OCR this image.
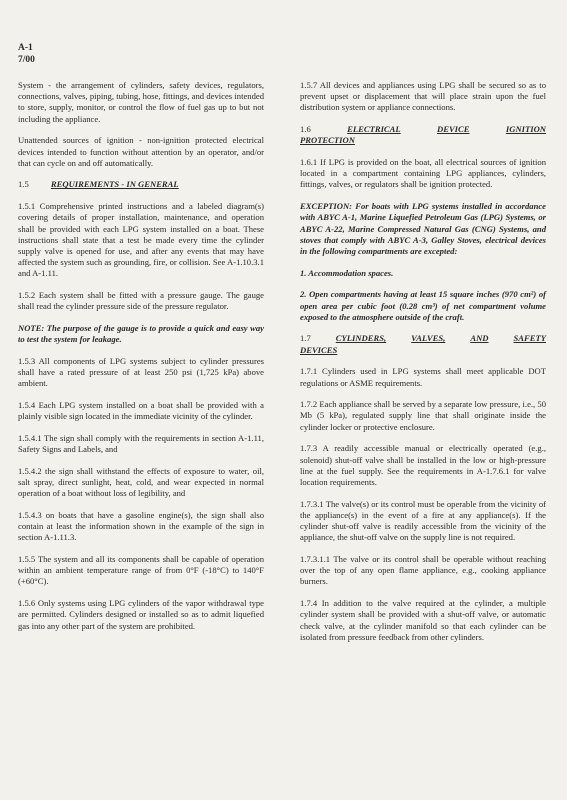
A-1
7/00

System - the arrangement of cylinders, safety devices, regulators, connections, valves, piping, tubing, hose, fittings, and devices intended to store, supply, monitor, or control the flow of fuel gas up to but not including the appliance.

Unattended sources of ignition - non-ignition protected electrical devices intended to function without attention by an operator, and/or that can cycle on and off automatically.

1.5	REQUIREMENTS - IN GENERAL

1.5.1 Comprehensive printed instructions and a labeled diagram(s) covering details of proper installation, maintenance, and operation shall be provided with each LPG system installed on a boat. These instructions shall state that a test be made every time the cylinder supply valve is opened for use, and after any events that may have affected the system such as grounding, fire, or collision. See A-1.10.3.1 and A-1.11.

1.5.2 Each system shall be fitted with a pressure gauge. The gauge shall read the cylinder pressure side of the pressure regulator.

NOTE: The purpose of the gauge is to provide a quick and easy way to test the system for leakage.

1.5.3 All components of LPG systems subject to cylinder pressures shall have a rated pressure of at least 250 psi (1,725 kPa) above ambient.

1.5.4 Each LPG system installed on a boat shall be provided with a plainly visible sign located in the immediate vicinity of the cylinder.

1.5.4.1 The sign shall comply with the requirements in section A-1.11, Safety Signs and Labels, and

1.5.4.2 the sign shall withstand the effects of exposure to water, oil, salt spray, direct sunlight, heat, cold, and wear expected in normal operation of a boat without loss of legibility, and

1.5.4.3 on boats that have a gasoline engine(s), the sign shall also contain at least the information shown in the example of the sign in section A-1.11.3.

1.5.5 The system and all its components shall be capable of operation within an ambient temperature range of from 0°F (-18°C) to 140°F (+60°C).

1.5.6 Only systems using LPG cylinders of the vapor withdrawal type are permitted. Cylinders designed or installed so as to admit liquefied gas into any other part of the system are prohibited.

1.5.7 All devices and appliances using LPG shall be secured so as to prevent upset or displacement that will place strain upon the fuel distribution system or appliance connections.

1.6	ELECTRICAL	DEVICE	IGNITION
PROTECTION

1.6.1 If LPG is provided on the boat, all electrical sources of ignition located in a compartment containing LPG appliances, cylinders, fittings, valves, or regulators shall be ignition protected.

EXCEPTION: For boats with LPG systems installed in accordance with ABYC A-1, Marine Liquefied Petroleum Gas (LPG) Systems, or ABYC A-22, Marine Compressed Natural Gas (CNG) Systems, and stoves that comply with ABYC A-3, Galley Stoves, electrical devices in the following compartments are excepted:

1. Accommodation spaces.

2. Open compartments having at least 15 square inches (970 cm²) of open area per cubic foot (0.28 cm³) of net compartment volume exposed to the atmosphere outside of the craft.

1.7	CYLINDERS,	VALVES,	AND	SAFETY
DEVICES

1.7.1 Cylinders used in LPG systems shall meet applicable DOT regulations or ASME requirements.

1.7.2 Each appliance shall be served by a separate low pressure, i.e., 50 Mb (5 kPa), regulated supply line that shall originate inside the cylinder locker or protective enclosure.

1.7.3 A readily accessible manual or electrically operated (e.g., solenoid) shut-off valve shall be installed in the low or high-pressure line at the fuel supply. See the requirements in A-1.7.6.1 for valve location requirements.

1.7.3.1 The valve(s) or its control must be operable from the vicinity of the appliance(s) in the event of a fire at any appliance(s). If the cylinder shut-off valve is readily accessible from the vicinity of the appliance, the shut-off valve on the supply line is not required.

1.7.3.1.1 The valve or its control shall be operable without reaching over the top of any open flame appliance, e.g., cooking appliance burners.

1.7.4 In addition to the valve required at the cylinder, a multiple cylinder system shall be provided with a shut-off valve, or automatic check valve, at the cylinder manifold so that each cylinder can be isolated from pressure feedback from other cylinders.
